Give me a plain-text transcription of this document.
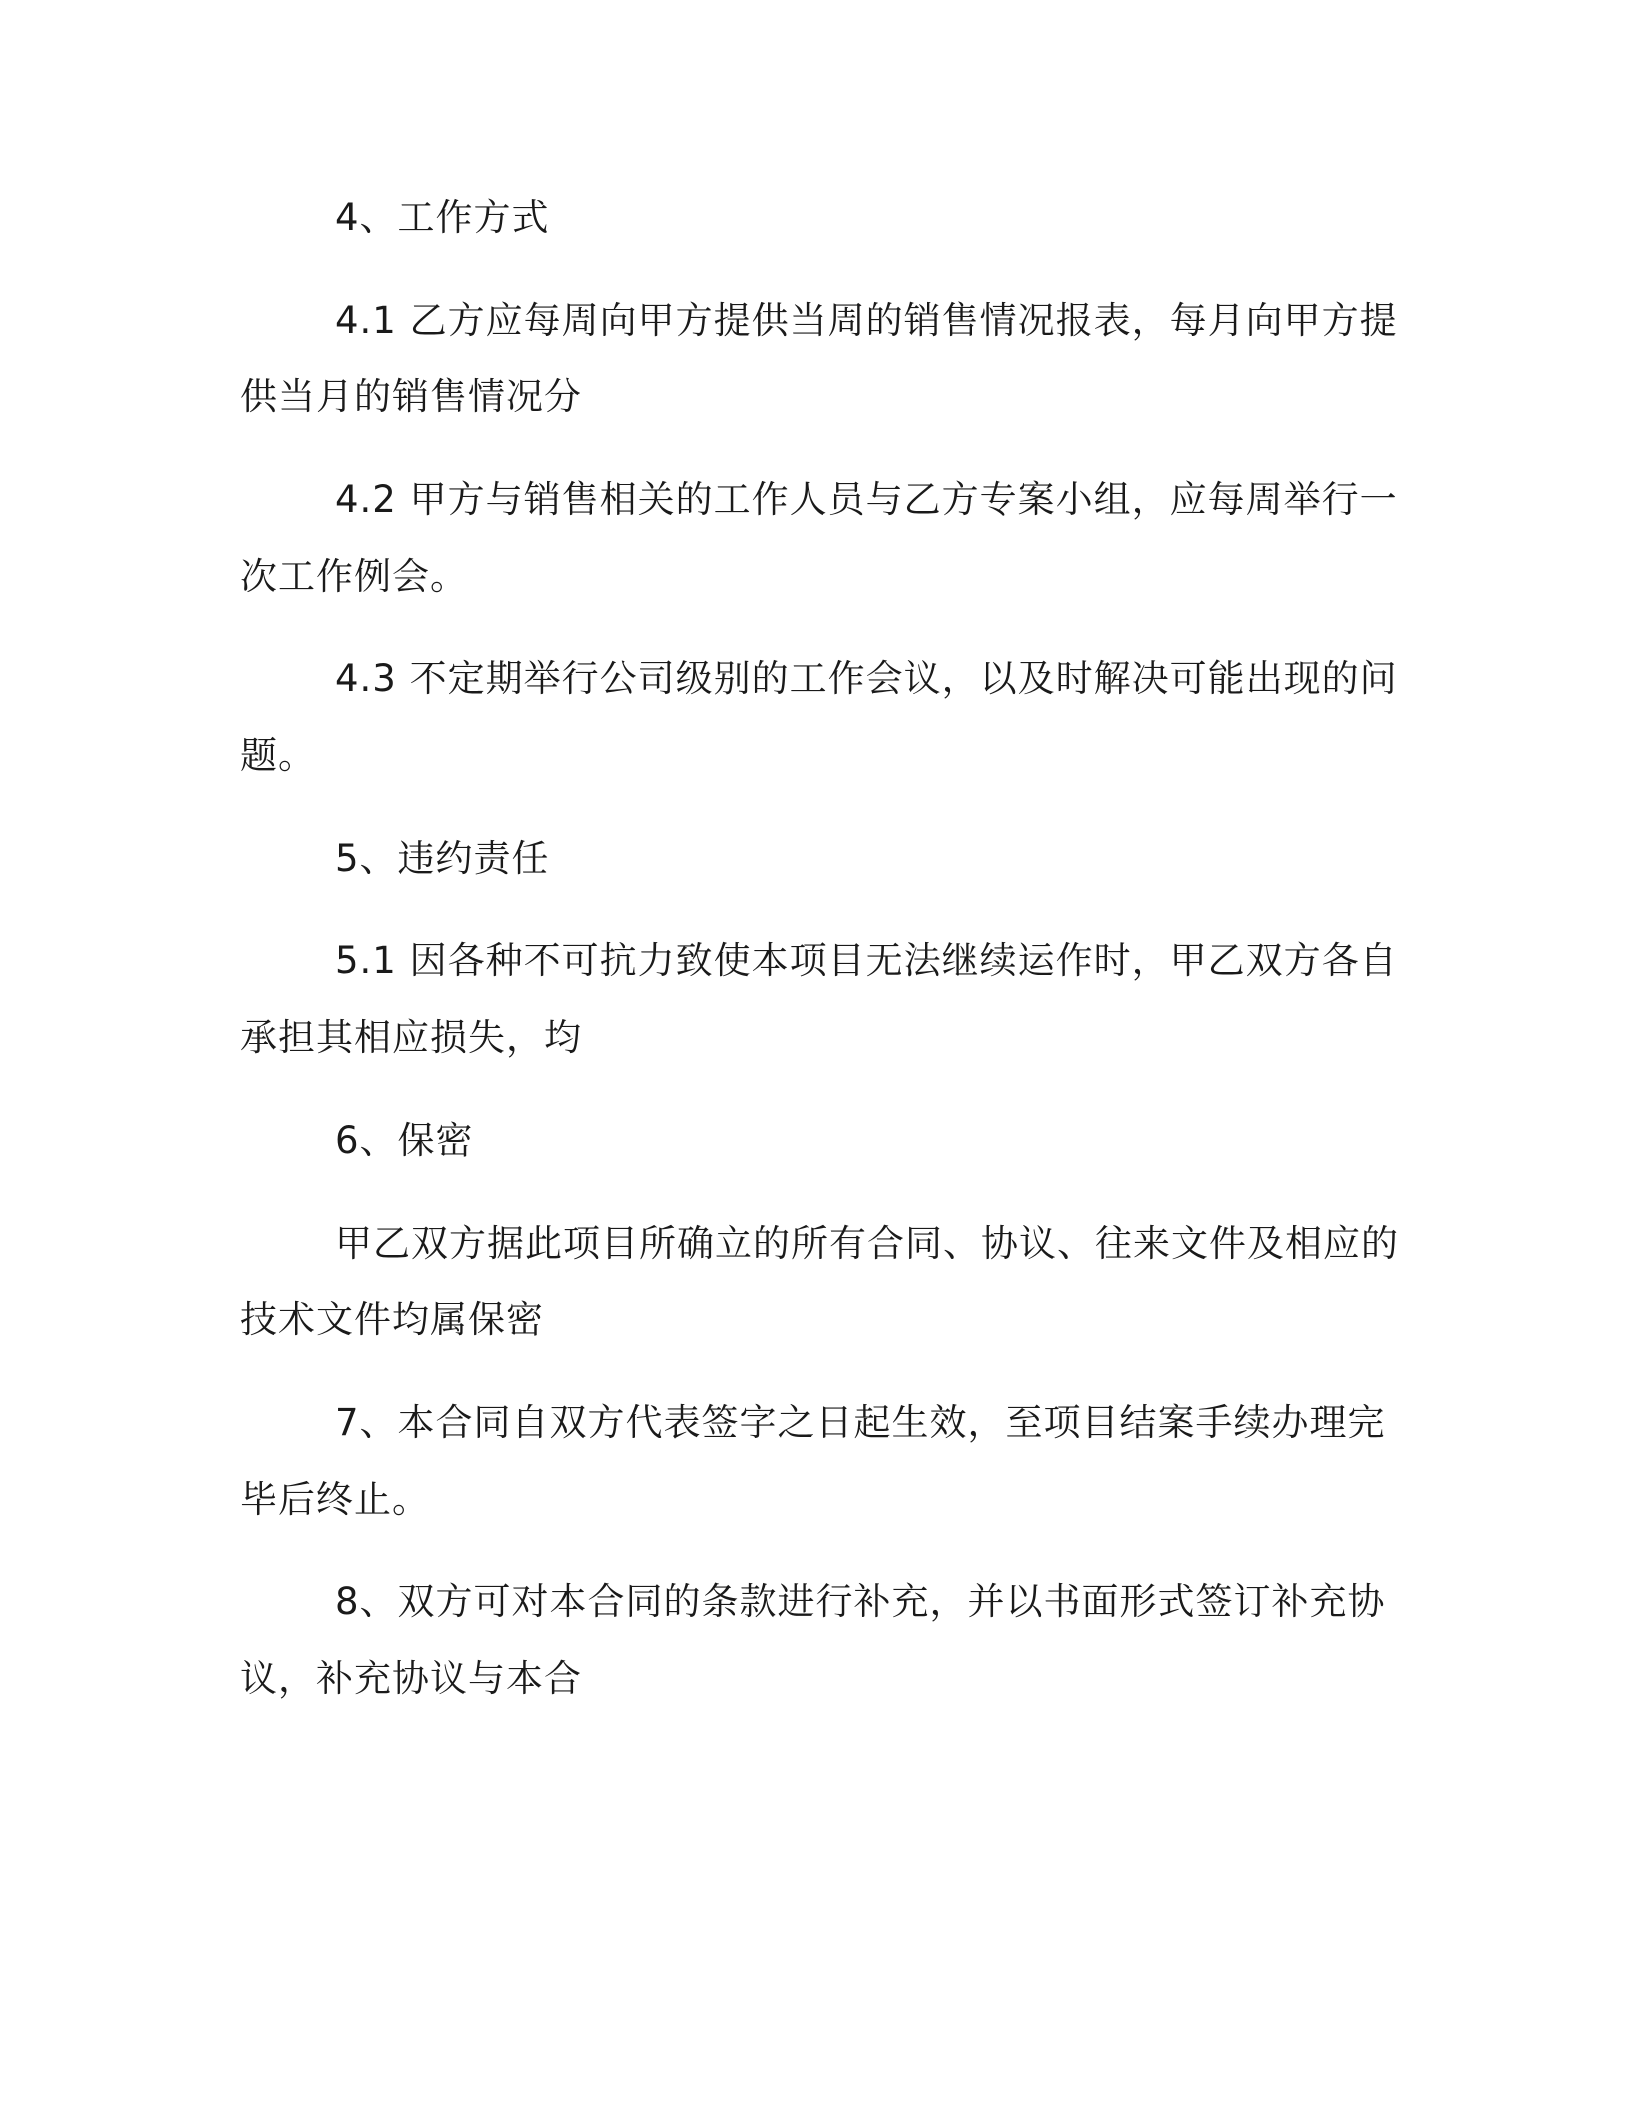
4、工作方式
4.1 乙方应每周向甲方提供当周的销售情况报表，每月向甲方提
供当月的销售情况分
4.2 甲方与销售相关的工作人员与乙方专案小组，应每周举行一
次工作例会。
4.3 不定期举行公司级别的工作会议，以及时解决可能出现的问
题。
5、违约责任
5.1 因各种不可抗力致使本项目无法继续运作时，甲乙双方各自
承担其相应损失，均
6、保密
甲乙双方据此项目所确立的所有合同、协议、往来文件及相应的
技术文件均属保密
7、本合同自双方代表签字之日起生效，至项目结案手续办理完
毕后终止。
8、双方可对本合同的条款进行补充，并以书面形式签订补充协
议，补充协议与本合
